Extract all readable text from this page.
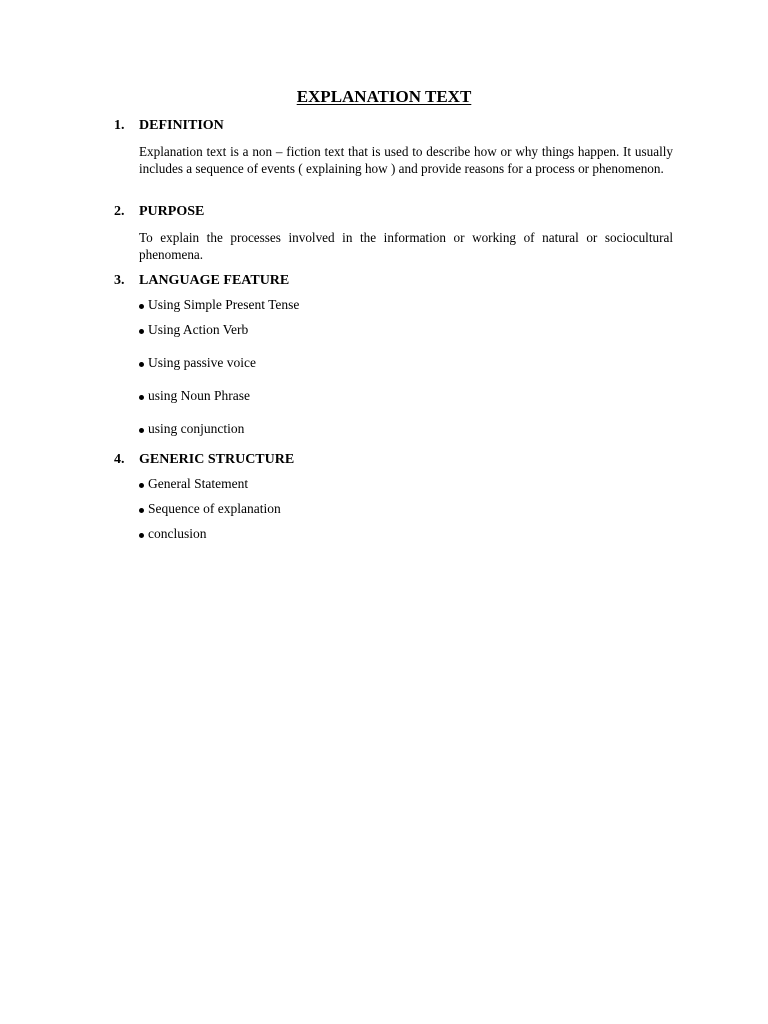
EXPLANATION TEXT
1.	DEFINITION

Explanation text is a non – fiction text that is used to describe how or why things happen. It usually includes a sequence of events ( explaining how ) and provide reasons for a process or phenomenon.

2.	PURPOSE

To explain the processes involved in the information or working of natural or sociocultural phenomena.

3.	LANGUAGE FEATURE
Using Simple Present Tense
Using Action Verb
Using passive voice
using Noun Phrase
using conjunction
4.	GENERIC STRUCTURE
General Statement
Sequence of explanation
conclusion
